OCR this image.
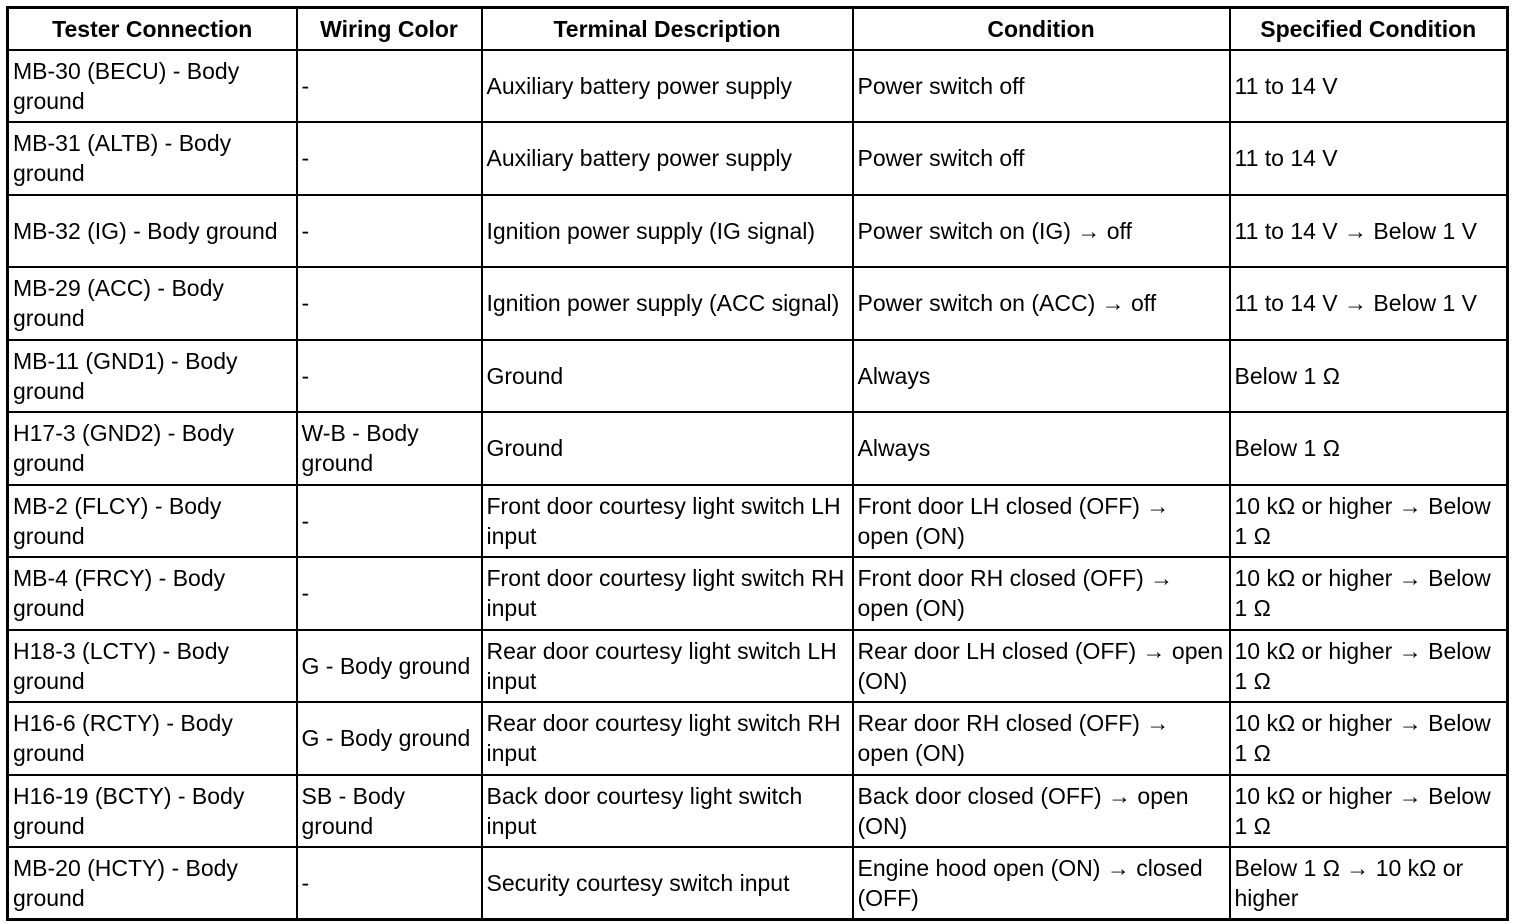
Tester Connection	Wiring Color	Terminal Description	Condition	Specified Condition
MB-30 (BECU) - Body ground	-	Auxiliary battery power supply	Power switch off	11 to 14 V
MB-31 (ALTB) - Body ground	-	Auxiliary battery power supply	Power switch off	11 to 14 V
MB-32 (IG) - Body ground	-	Ignition power supply (IG signal)	Power switch on (IG) → off	11 to 14 V → Below 1 V
MB-29 (ACC) - Body ground	-	Ignition power supply (ACC signal)	Power switch on (ACC) → off	11 to 14 V → Below 1 V
MB-11 (GND1) - Body ground	-	Ground	Always	Below 1 Ω
H17-3 (GND2) - Body ground	W-B - Body ground	Ground	Always	Below 1 Ω
MB-2 (FLCY) - Body ground	-	Front door courtesy light switch LH input	Front door LH closed (OFF) → open (ON)	10 kΩ or higher → Below 1 Ω
MB-4 (FRCY) - Body ground	-	Front door courtesy light switch RH input	Front door RH closed (OFF) → open (ON)	10 kΩ or higher → Below 1 Ω
H18-3 (LCTY) - Body ground	G - Body ground	Rear door courtesy light switch LH input	Rear door LH closed (OFF) → open (ON)	10 kΩ or higher → Below 1 Ω
H16-6 (RCTY) - Body ground	G - Body ground	Rear door courtesy light switch RH input	Rear door RH closed (OFF) → open (ON)	10 kΩ or higher → Below 1 Ω
H16-19 (BCTY) - Body ground	SB - Body ground	Back door courtesy light switch input	Back door closed (OFF) → open (ON)	10 kΩ or higher → Below 1 Ω
MB-20 (HCTY) - Body ground	-	Security courtesy switch input	Engine hood open (ON) → closed (OFF)	Below 1 Ω → 10 kΩ or higher
